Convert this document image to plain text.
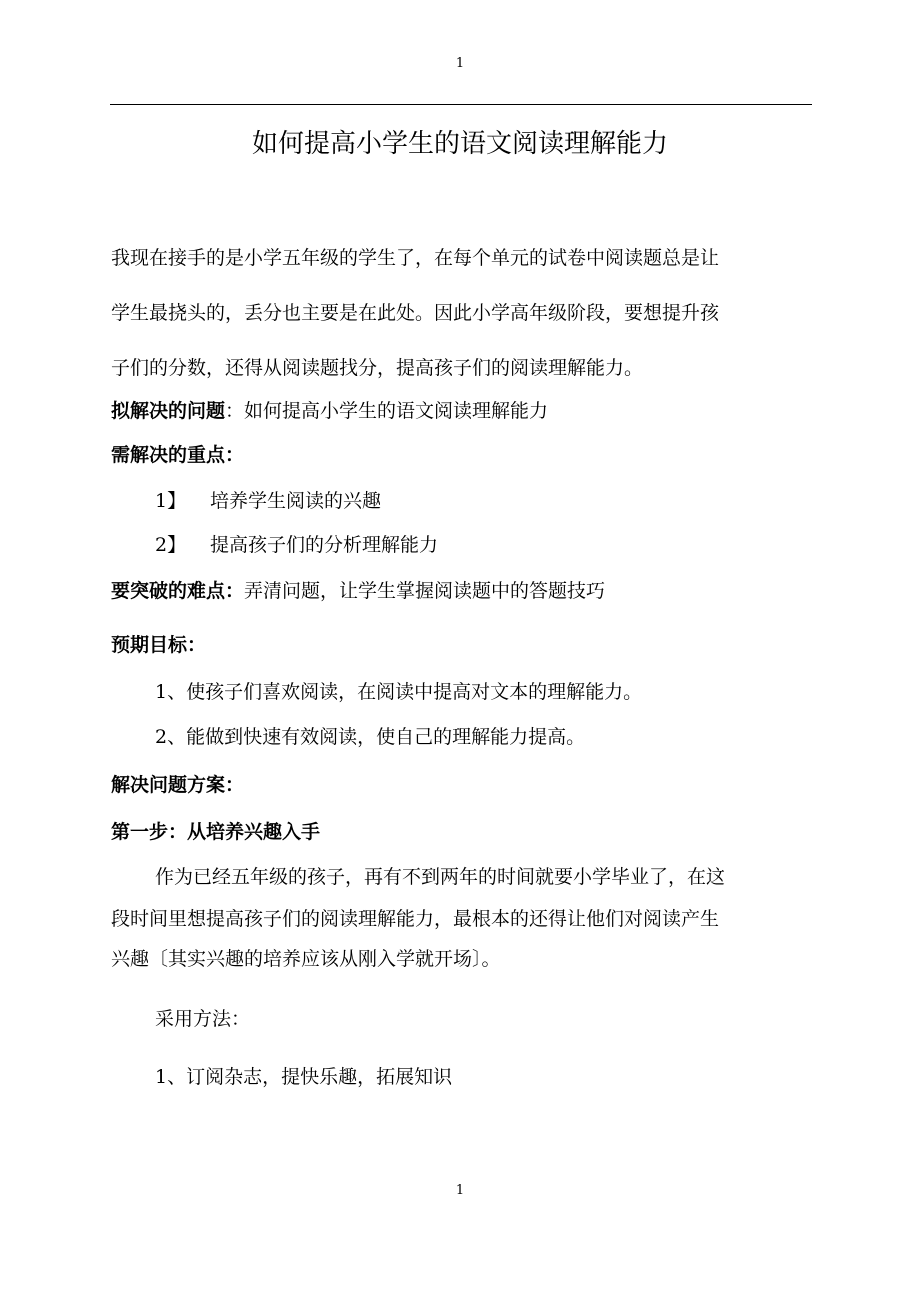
1
如何提高小学生的语文阅读理解能力
我现在接手的是小学五年级的学生了，在每个单元的试卷中阅读题总是让
学生最挠头的，丢分也主要是在此处。因此小学高年级阶段，要想提升孩
子们的分数，还得从阅读题找分，提高孩子们的阅读理解能力。
拟解决的问题：如何提高小学生的语文阅读理解能力
需解决的重点：
1】 培养学生阅读的兴趣
2】 提高孩子们的分析理解能力
要突破的难点：弄清问题，让学生掌握阅读题中的答题技巧
预期目标：
1、使孩子们喜欢阅读，在阅读中提高对文本的理解能力。
2、能做到快速有效阅读，使自己的理解能力提高。
解决问题方案：
第一步：从培养兴趣入手
作为已经五年级的孩子，再有不到两年的时间就要小学毕业了，在这
段时间里想提高孩子们的阅读理解能力，最根本的还得让他们对阅读产生
兴趣〔其实兴趣的培养应该从刚入学就开场〕。
采用方法：
1、订阅杂志，提快乐趣，拓展知识
1
